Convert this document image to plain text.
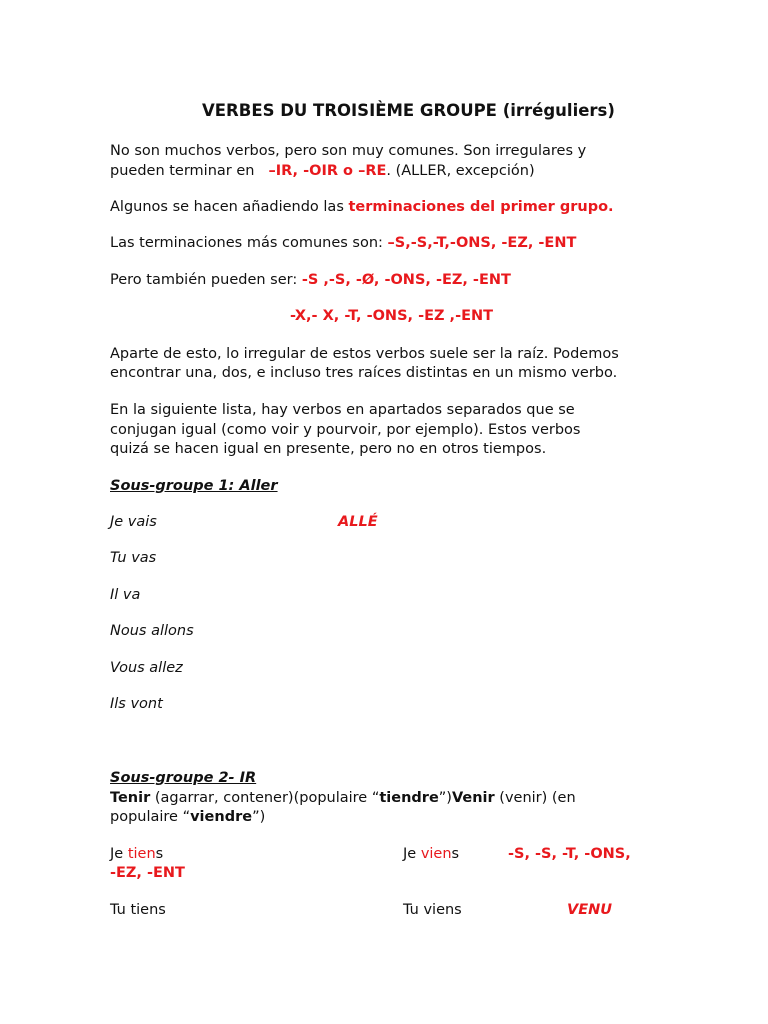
VERBES DU TROISIÈME GROUPE (irréguliers)

No son muchos verbos, pero son muy comunes. Son irregulares y

pueden terminar en –IR, -OIR o –RE. (ALLER, excepción)

Algunos se hacen añadiendo las terminaciones del primer grupo.

Las terminaciones más comunes son: –S,-S,-T,-ONS, -EZ, -ENT

Pero también pueden ser: -S ,-S, -Ø, -ONS, -EZ, -ENT

-X,- X, -T, -ONS, -EZ ,-ENT

Aparte de esto, lo irregular de estos verbos suele ser la raíz. Podemos

encontrar una, dos, e incluso tres raíces distintas en un mismo verbo.

En la siguiente lista, hay verbos en apartados separados que se

conjugan igual (como voir y pourvoir, por ejemplo). Estos verbos

quizá se hacen igual en presente, pero no en otros tiempos.

Sous-groupe 1: Aller

Je vais	ALLÉ

Tu vas

Il va

Nous allons

Vous allez

Ils vont

Sous-groupe 2- IR

Tenir (agarrar, contener)(populaire “tiendre”)Venir (venir) (en

populaire “viendre”)

Je tiens	Je viens	-S, -S, -T, -ONS,

-EZ, -ENT

Tu tiens	Tu viens	VENU
